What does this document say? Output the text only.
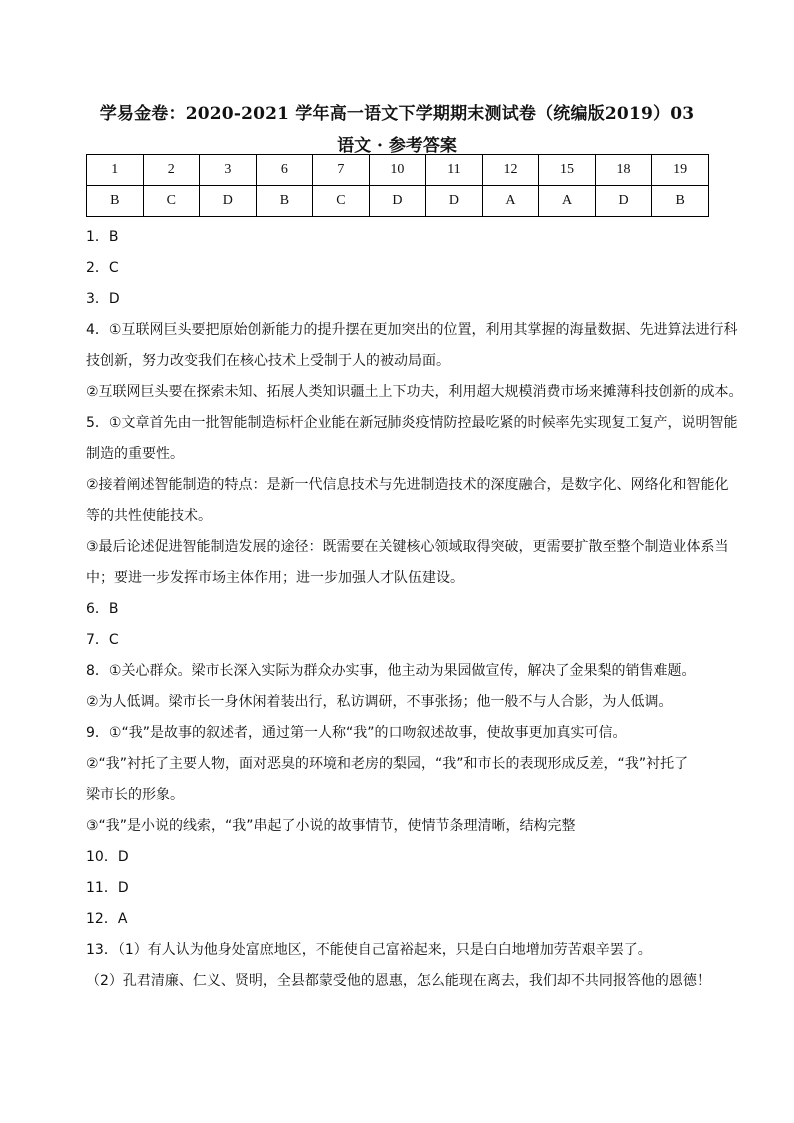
学易金卷：2020-2021 学年高一语文下学期期末测试卷（统编版2019）03
语文 · 参考答案
1	2	3	6	7	10	11	12	15	18	19
B	C	D	B	C	D	D	A	A	D	B
1．B
2．C
3．D
4．①互联网巨头要把原始创新能力的提升摆在更加突出的位置，利用其掌握的海量数据、先进算法进行科
技创新，努力改变我们在核心技术上受制于人的被动局面。
②互联网巨头要在探索未知、拓展人类知识疆土上下功夫，利用超大规模消费市场来摊薄科技创新的成本。
5．①文章首先由一批智能制造标杆企业能在新冠肺炎疫情防控最吃紧的时候率先实现复工复产，说明智能
制造的重要性。
②接着阐述智能制造的特点：是新一代信息技术与先进制造技术的深度融合，是数字化、网络化和智能化
等的共性使能技术。
③最后论述促进智能制造发展的途径：既需要在关键核心领域取得突破，更需要扩散至整个制造业体系当
中；要进一步发挥市场主体作用；进一步加强人才队伍建设。
6．B
7．C
8．①关心群众。梁市长深入实际为群众办实事，他主动为果园做宣传，解决了金果梨的销售难题。
②为人低调。梁市长一身休闲着装出行，私访调研，不事张扬；他一般不与人合影，为人低调。
9．①“我”是故事的叙述者，通过第一人称“我”的口吻叙述故事，使故事更加真实可信。
②“我”衬托了主要人物，面对恶臭的环境和老房的梨园，“我”和市长的表现形成反差，“我”衬托了
梁市长的形象。
③“我”是小说的线索，“我”串起了小说的故事情节，使情节条理清晰，结构完整
10．D
11．D
12．A
13．（1）有人认为他身处富庶地区，不能使自己富裕起来，只是白白地增加劳苦艰辛罢了。
（2）孔君清廉、仁义、贤明，全县都蒙受他的恩惠，怎么能现在离去，我们却不共同报答他的恩德！
